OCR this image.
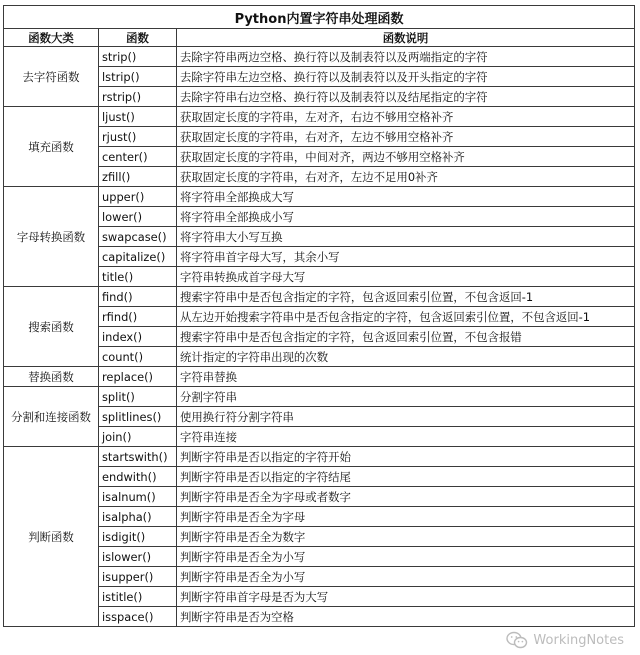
Python内置字符串处理函数		
函数大类	函数	函数说明
去字符函数	strip()	去除字符串两边空格、换行符以及制表符以及两端指定的字符
	lstrip()	去除字符串左边空格、换行符以及制表符以及开头指定的字符
	rstrip()	去除字符串右边空格、换行符以及制表符以及结尾指定的字符
填充函数	ljust()	获取固定长度的字符串，左对齐，右边不够用空格补齐
	rjust()	获取固定长度的字符串，右对齐，左边不够用空格补齐
	center()	获取固定长度的字符串，中间对齐，两边不够用空格补齐
	zfill()	获取固定长度的字符串，右对齐，左边不足用0补齐
字母转换函数	upper()	将字符串全部换成大写
	lower()	将字符串全部换成小写
	swapcase()	将字符串大小写互换
	capitalize()	将字符串首字母大写，其余小写
	title()	字符串转换成首字母大写
搜索函数	find()	搜索字符串中是否包含指定的字符，包含返回索引位置，不包含返回-1
	rfind()	从左边开始搜索字符串中是否包含指定的字符，包含返回索引位置，不包含返回-1
	index()	搜索字符串中是否包含指定的字符，包含返回索引位置，不包含报错
	count()	统计指定的字符串出现的次数
替换函数	replace()	字符串替换
分割和连接函数	split()	分割字符串
	splitlines()	使用换行符分割字符串
	join()	字符串连接
判断函数	startswith()	判断字符串是否以指定的字符开始
	endwith()	判断字符串是否以指定的字符结尾
	isalnum()	判断字符串是否全为字母或者数字
	isalpha()	判断字符串是否全为字母
	isdigit()	判断字符串是否全为数字
	islower()	判断字符串是否全为小写
	isupper()	判断字符串是否全为小写
	istitle()	判断字符串首字母是否为大写
	isspace()	判断字符串是否为空格
WorkingNotes
